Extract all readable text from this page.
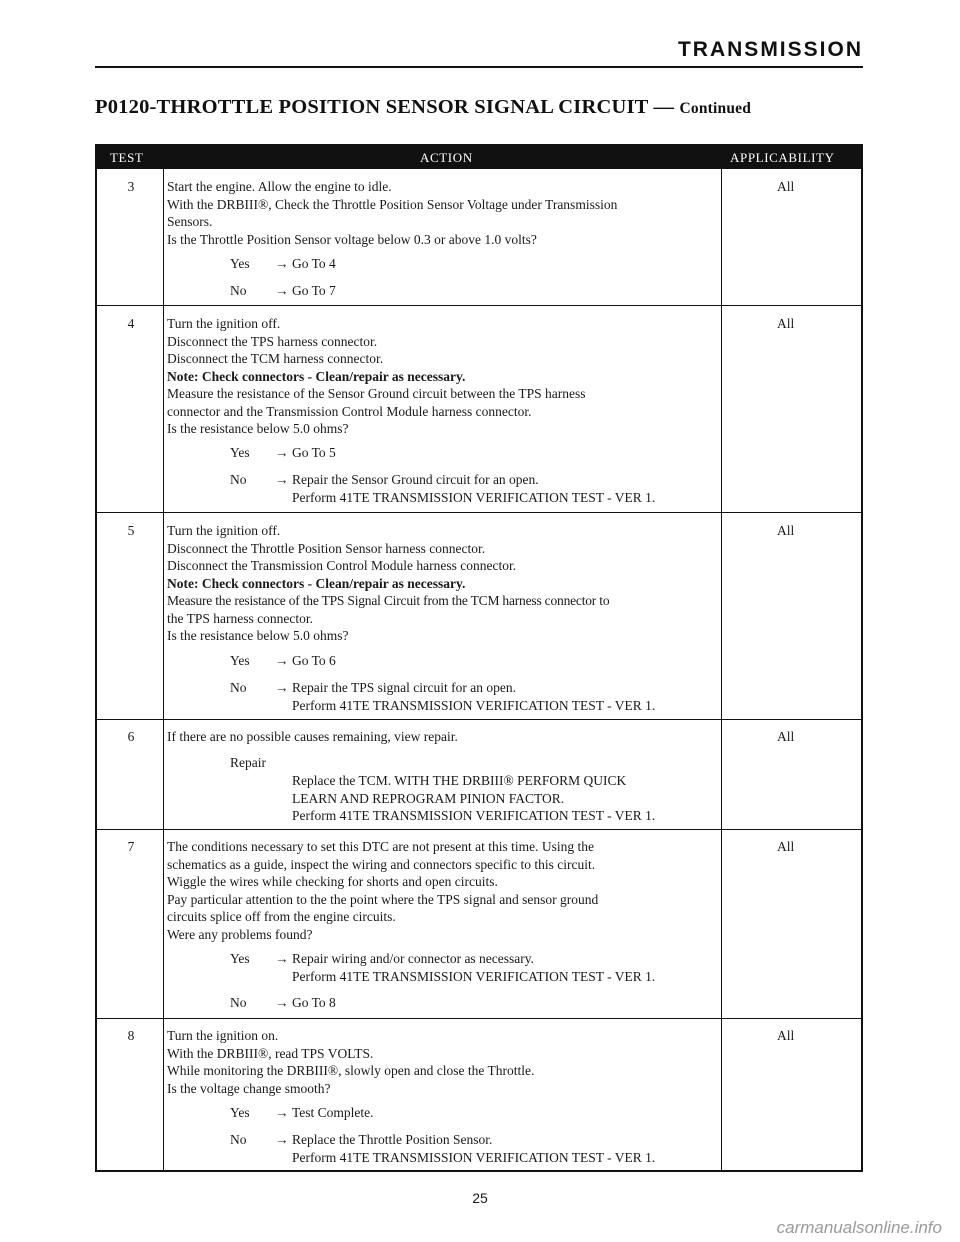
TRANSMISSION
P0120-THROTTLE POSITION SENSOR SIGNAL CIRCUIT — Continued
TEST	ACTION	APPLICABILITY
3	Start the engine. Allow the engine to idle.
With the DRBIII®, Check the Throttle Position Sensor Voltage under Transmission
Sensors.
Is the Throttle Position Sensor voltage below 0.3 or above 1.0 volts?
Yes → Go To 4
No → Go To 7
All
4	Turn the ignition off.
Disconnect the TPS harness connector.
Disconnect the TCM harness connector.
Note: Check connectors - Clean/repair as necessary.
Measure the resistance of the Sensor Ground circuit between the TPS harness
connector and the Transmission Control Module harness connector.
Is the resistance below 5.0 ohms?
Yes → Go To 5
No → Repair the Sensor Ground circuit for an open.
Perform 41TE TRANSMISSION VERIFICATION TEST - VER 1.
All
5	Turn the ignition off.
Disconnect the Throttle Position Sensor harness connector.
Disconnect the Transmission Control Module harness connector.
Note: Check connectors - Clean/repair as necessary.
Measure the resistance of the TPS Signal Circuit from the TCM harness connector to
the TPS harness connector.
Is the resistance below 5.0 ohms?
Yes → Go To 6
No → Repair the TPS signal circuit for an open.
Perform 41TE TRANSMISSION VERIFICATION TEST - VER 1.
All
6	If there are no possible causes remaining, view repair.
Repair
Replace the TCM. WITH THE DRBIII® PERFORM QUICK
LEARN AND REPROGRAM PINION FACTOR.
Perform 41TE TRANSMISSION VERIFICATION TEST - VER 1.
All
7	The conditions necessary to set this DTC are not present at this time. Using the
schematics as a guide, inspect the wiring and connectors specific to this circuit.
Wiggle the wires while checking for shorts and open circuits.
Pay particular attention to the the point where the TPS signal and sensor ground
circuits splice off from the engine circuits.
Were any problems found?
Yes → Repair wiring and/or connector as necessary.
Perform 41TE TRANSMISSION VERIFICATION TEST - VER 1.
No → Go To 8
All
8	Turn the ignition on.
With the DRBIII®, read TPS VOLTS.
While monitoring the DRBIII®, slowly open and close the Throttle.
Is the voltage change smooth?
Yes → Test Complete.
No → Replace the Throttle Position Sensor.
Perform 41TE TRANSMISSION VERIFICATION TEST - VER 1.
All
25
carmanualsonline.info
